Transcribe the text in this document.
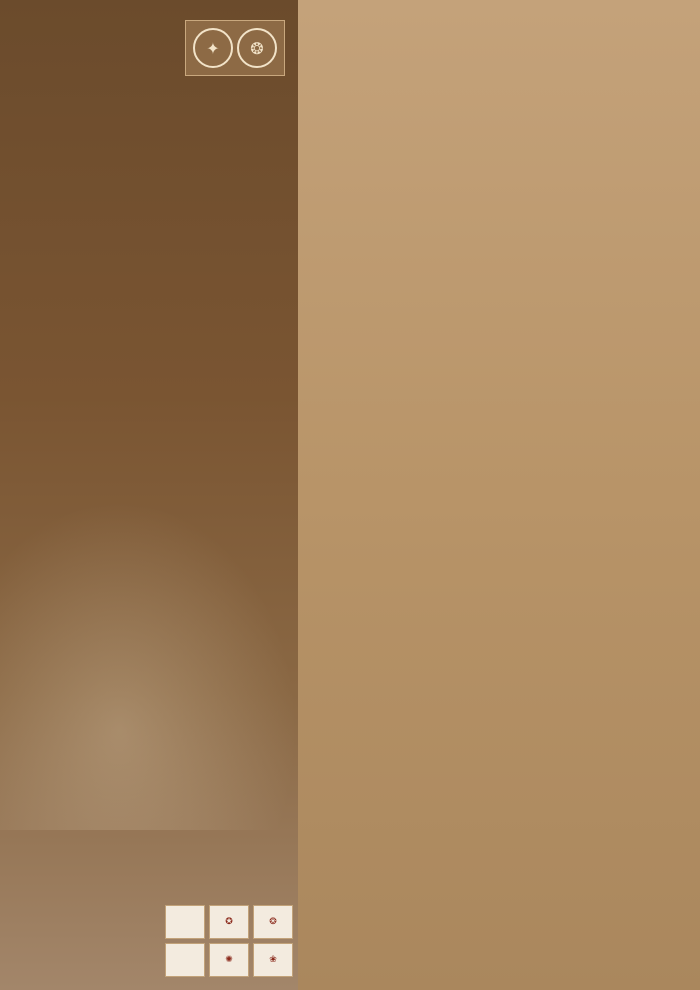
✦	❂
✪	❂
✺	❀
